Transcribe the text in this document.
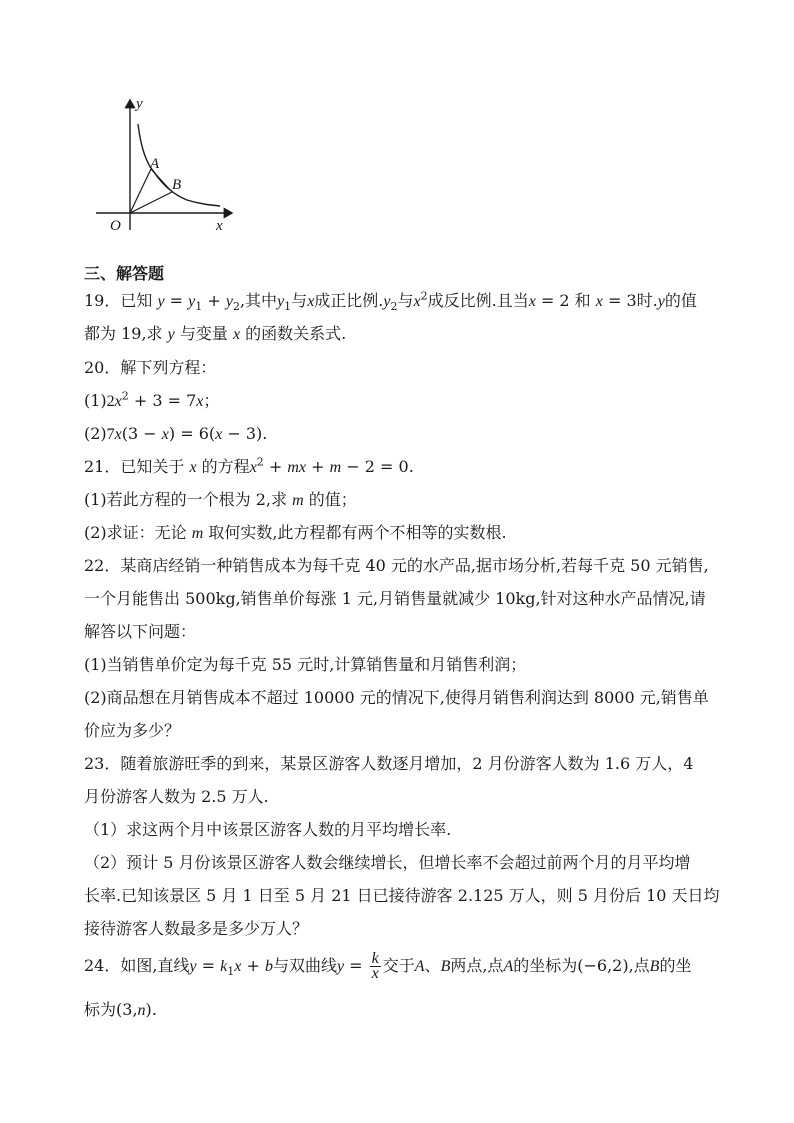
y
A
B
O	x
三、解答题
19．已知 $y = y_1 + y_2$,其中$y_1$与x成正比例$.y_2$与$x^2$成反比例.且当x = 2 和 x = 3时.y的值
都为 19,求 y 与变量 x 的函数关系式.
20．解下列方程：
$(1)2x^2 + 3 = 7x$；
(2)7x(3 − x) = 6(x − 3).
21．已知关于 x 的方程$x^2$ + mx + m − 2 = 0.
(1)若此方程的一个根为 2,求 m 的值；
(2)求证：无论 m 取何实数,此方程都有两个不相等的实数根.
22．某商店经销一种销售成本为每千克 40 元的水产品,据市场分析,若每千克 50 元销售,
一个月能售出 500kg,销售单价每涨 1 元,月销售量就减少 10kg,针对这种水产品情况,请
解答以下问题：
(1)当销售单价定为每千克 55 元时,计算销售量和月销售利润；
(2)商品想在月销售成本不超过 10000 元的情况下,使得月销售利润达到 8000 元,销售单
价应为多少？
23．随着旅游旺季的到来，某景区游客人数逐月增加，2 月份游客人数为 1.6 万人，4
月份游客人数为 2.5 万人.
（1）求这两个月中该景区游客人数的月平均增长率.
（2）预计 5 月份该景区游客人数会继续增长，但增长率不会超过前两个月的月平均增
长率.已知该景区 5 月 1 日至 5 月 21 日已接待游客 2.125 万人，则 5 月份后 10 天日均
接待游客人数最多是多少万人？
24．如图,直线$y = k_1x + b$与双曲线$y = \frac{k}{x}$ 交于A、B两点,点A的坐标为(−6,2),点B的坐
标为(3,n).
